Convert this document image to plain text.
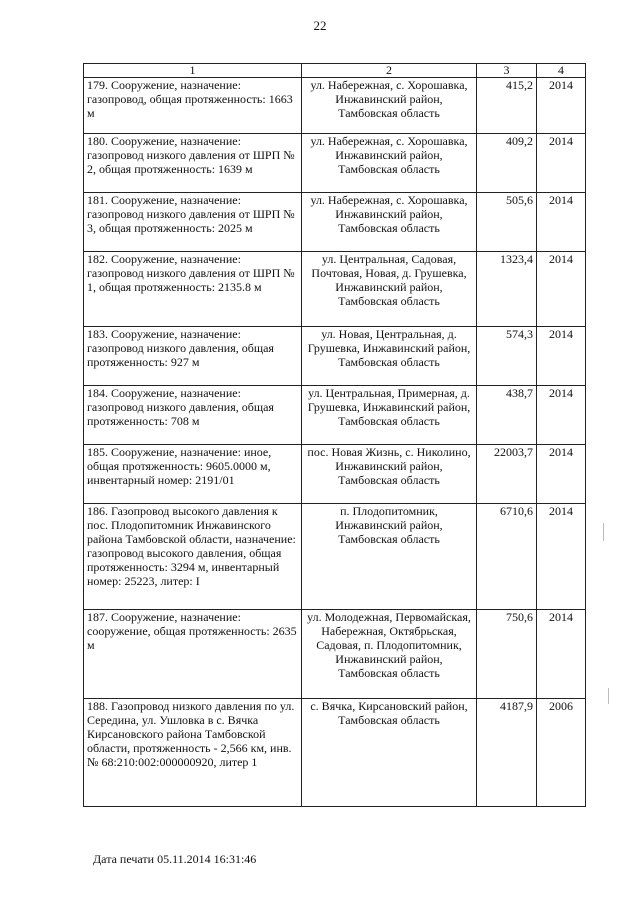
22
1	2	3	4
179. Сооружение, назначение: газопровод, общая протяженность: 1663 м	ул. Набережная, с. Хорошавка, Инжавинский район, Тамбовская область	415,2	2014
180. Сооружение, назначение: газопровод низкого давления от ШРП № 2, общая протяженность: 1639 м	ул. Набережная, с. Хорошавка, Инжавинский район, Тамбовская область	409,2	2014
181. Сооружение, назначение: газопровод низкого давления от ШРП № 3, общая протяженность: 2025 м	ул. Набережная, с. Хорошавка, Инжавинский район, Тамбовская область	505,6	2014
182. Сооружение, назначение: газопровод низкого давления от ШРП № 1, общая протяженность: 2135.8 м	ул. Центральная, Садовая, Почтовая, Новая, д. Грушевка, Инжавинский район, Тамбовская область	1323,4	2014
183. Сооружение, назначение: газопровод низкого давления, общая протяженность: 927 м	ул. Новая, Центральная, д. Грушевка, Инжавинский район, Тамбовская область	574,3	2014
184. Сооружение, назначение: газопровод низкого давления, общая протяженность: 708 м	ул. Центральная, Примерная, д. Грушевка, Инжавинский район, Тамбовская область	438,7	2014
185. Сооружение, назначение: иное, общая протяженность: 9605.0000 м, инвентарный номер: 2191/01	пос. Новая Жизнь, с. Николино, Инжавинский район, Тамбовская область	22003,7	2014
186. Газопровод высокого давления к пос. Плодопитомник Инжавинского района Тамбовской области, назначение: газопровод высокого давления, общая протяженность: 3294 м, инвентарный номер: 25223, литер: I	п. Плодопитомник, Инжавинский район, Тамбовская область	6710,6	2014
187. Сооружение, назначение: сооружение, общая протяженность: 2635 м	ул. Молодежная, Первомайская, Набережная, Октябрьская, Садовая, п. Плодопитомник, Инжавинский район, Тамбовская область	750,6	2014
188. Газопровод низкого давления по ул. Середина, ул. Ушловка в с. Вячка Кирсановского района Тамбовской области, протяженность - 2,566 км, инв. № 68:210:002:000000920, литер 1	с. Вячка, Кирсановский район, Тамбовская область	4187,9	2006
Дата печати 05.11.2014 16:31:46
